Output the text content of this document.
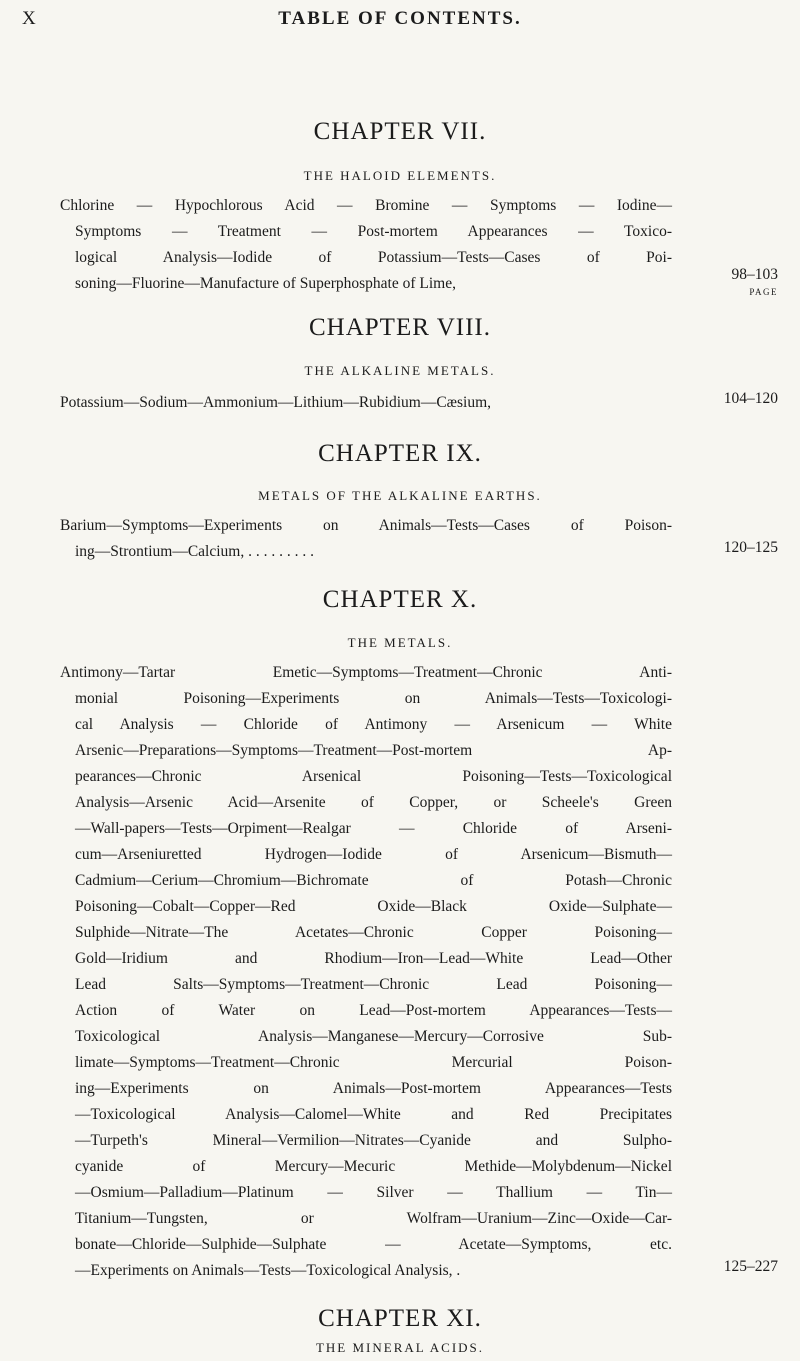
X	TABLE OF CONTENTS.
PAGE
CHAPTER VII.
THE HALOID ELEMENTS.
Chlorine — Hypochlorous Acid — Bromine — Symptoms — Iodine—
Symptoms — Treatment — Post-mortem Appearances — Toxico-
logical Analysis—Iodide of Potassium—Tests—Cases of Poi-
soning—Fluorine—Manufacture of Superphosphate of Lime,
98–103
CHAPTER VIII.
THE ALKALINE METALS.
Potassium—Sodium—Ammonium—Lithium—Rubidium—Cæsium,	104–120
CHAPTER IX.
METALS OF THE ALKALINE EARTHS.
Barium—Symptoms—Experiments on Animals—Tests—Cases of Poison-
ing—Strontium—Calcium, . . . . . . . . .	120–125
CHAPTER X.
THE METALS.
Antimony—Tartar Emetic—Symptoms—Treatment—Chronic Anti-
monial Poisoning—Experiments on Animals—Tests—Toxicologi-
cal Analysis — Chloride of Antimony — Arsenicum — White
Arsenic—Preparations—Symptoms—Treatment—Post-mortem Ap-
pearances—Chronic Arsenical Poisoning—Tests—Toxicological
Analysis—Arsenic Acid—Arsenite of Copper, or Scheele's Green
—Wall-papers—Tests—Orpiment—Realgar — Chloride of Arseni-
cum—Arseniuretted Hydrogen—Iodide of Arsenicum—Bismuth—
Cadmium—Cerium—Chromium—Bichromate of Potash—Chronic
Poisoning—Cobalt—Copper—Red Oxide—Black Oxide—Sulphate—
Sulphide—Nitrate—The Acetates—Chronic Copper Poisoning—
Gold—Iridium and Rhodium—Iron—Lead—White Lead—Other
Lead Salts—Symptoms—Treatment—Chronic Lead Poisoning—
Action of Water on Lead—Post-mortem Appearances—Tests—
Toxicological Analysis—Manganese—Mercury—Corrosive Sub-
limate—Symptoms—Treatment—Chronic Mercurial Poison-
ing—Experiments on Animals—Post-mortem Appearances—Tests
—Toxicological Analysis—Calomel—White and Red Precipitates
—Turpeth's Mineral—Vermilion—Nitrates—Cyanide and Sulpho-
cyanide of Mercury—Mecuric Methide—Molybdenum—Nickel
—Osmium—Palladium—Platinum — Silver — Thallium — Tin—
Titanium—Tungsten, or Wolfram—Uranium—Zinc—Oxide—Car-
bonate—Chloride—Sulphide—Sulphate — Acetate—Symptoms, etc.
—Experiments on Animals—Tests—Toxicological Analysis, .	125–227
CHAPTER XI.
THE MINERAL ACIDS.
